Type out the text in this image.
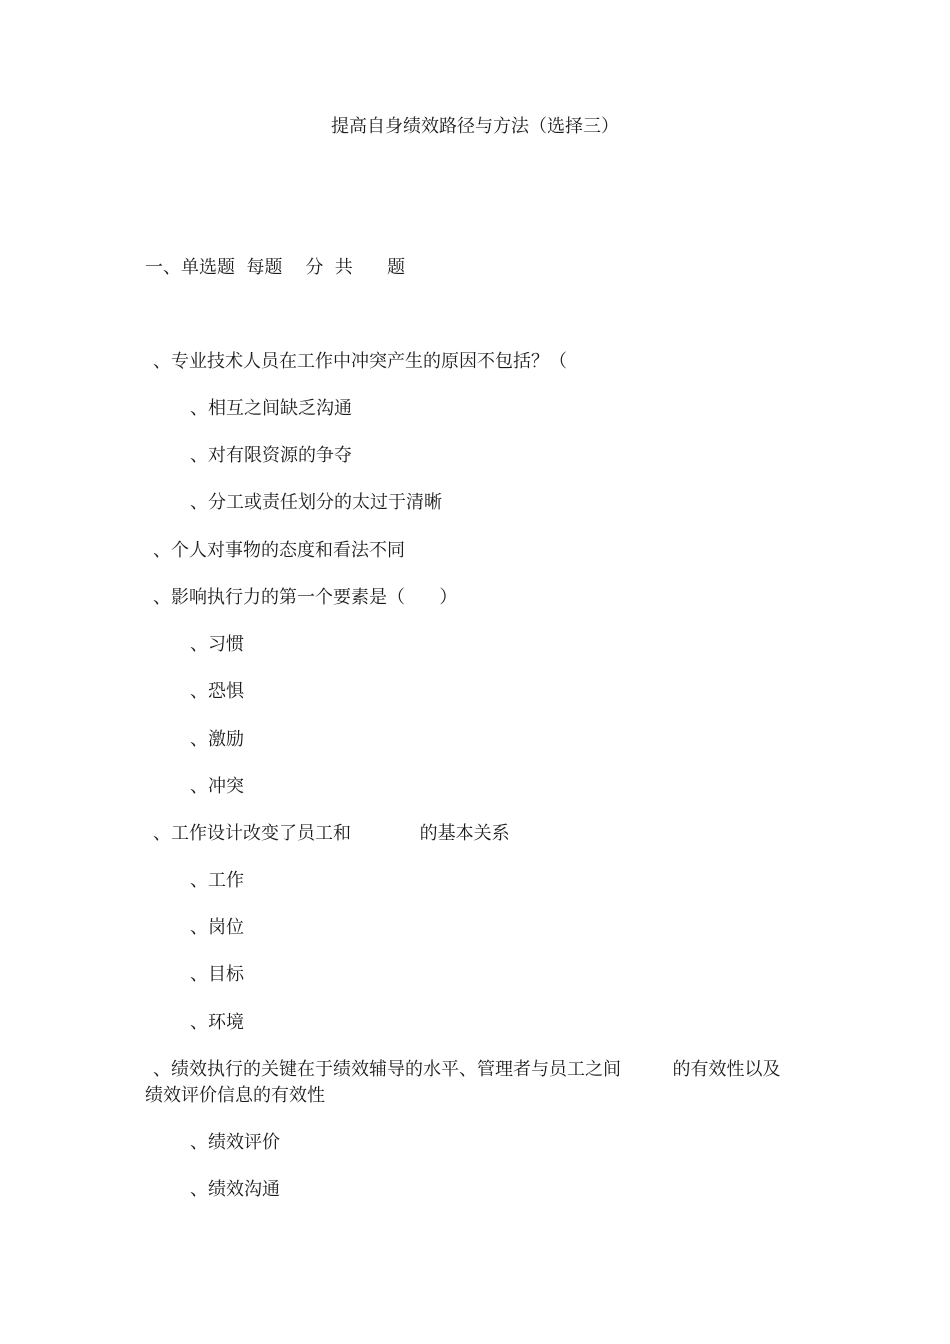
提高自身绩效路径与方法（选择三）
一、单选题  每题    分  共      题
、专业技术人员在工作中冲突产生的原因不包括？（
、相互之间缺乏沟通
、对有限资源的争夺
、分工或责任划分的太过于清晰
、个人对事物的态度和看法不同
、影响执行力的第一个要素是（      ）
、习惯
、恐惧
、激励
、冲突
、工作设计改变了员工和            的基本关系
、工作
、岗位
、目标
、环境
、绩效执行的关键在于绩效辅导的水平、管理者与员工之间         的有效性以及
绩效评价信息的有效性
、绩效评价
、绩效沟通
